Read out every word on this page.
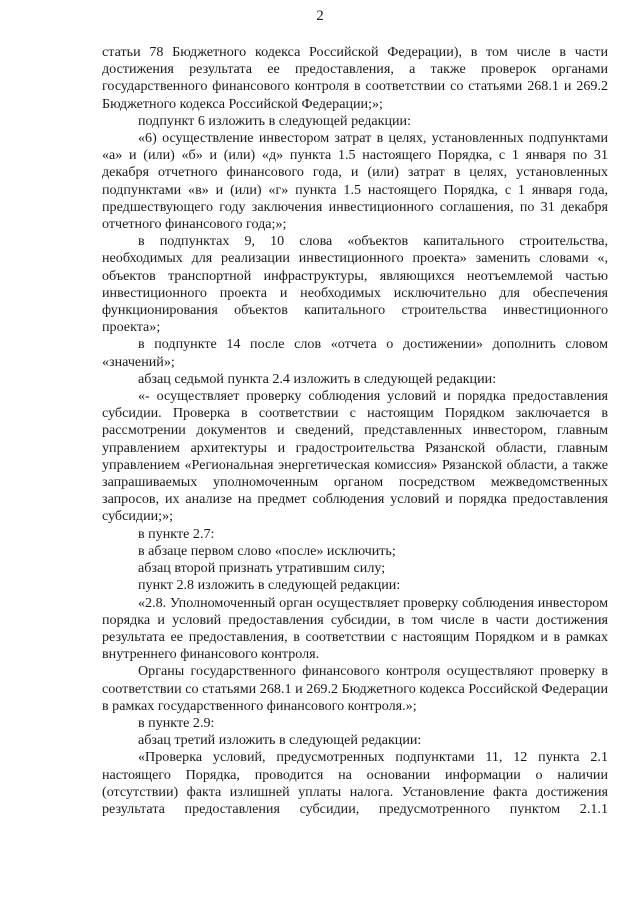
2

статьи 78 Бюджетного кодекса Российской Федерации), в том числе в части достижения результата ее предоставления, а также проверок органами государственного финансового контроля в соответствии со статьями 268.1 и 269.2 Бюджетного кодекса Российской Федерации;»;

подпункт 6 изложить в следующей редакции:

«6) осуществление инвестором затрат в целях, установленных подпунктами «а» и (или) «б» и (или) «д» пункта 1.5 настоящего Порядка, с 1 января по 31 декабря отчетного финансового года, и (или) затрат в целях, установленных подпунктами «в» и (или) «г» пункта 1.5 настоящего Порядка, с 1 января года, предшествующего году заключения инвестиционного соглашения, по 31 декабря отчетного финансового года;»;

в подпунктах 9, 10 слова «объектов капитального строительства, необходимых для реализации инвестиционного проекта» заменить словами «, объектов транспортной инфраструктуры, являющихся неотъемлемой частью инвестиционного проекта и необходимых исключительно для обеспечения функционирования объектов капитального строительства инвестиционного проекта»;

в подпункте 14 после слов «отчета о достижении» дополнить словом «значений»;

абзац седьмой пункта 2.4 изложить в следующей редакции:

«- осуществляет проверку соблюдения условий и порядка предоставления субсидии. Проверка в соответствии с настоящим Порядком заключается в рассмотрении документов и сведений, представленных инвестором, главным управлением архитектуры и градостроительства Рязанской области, главным управлением «Региональная энергетическая комиссия» Рязанской области, а также запрашиваемых уполномоченным органом посредством межведомственных запросов, их анализе на предмет соблюдения условий и порядка предоставления субсидии;»;

в пункте 2.7:

в абзаце первом слово «после» исключить;

абзац второй признать утратившим силу;

пункт 2.8 изложить в следующей редакции:

«2.8. Уполномоченный орган осуществляет проверку соблюдения инвестором порядка и условий предоставления субсидии, в том числе в части достижения результата ее предоставления, в соответствии с настоящим Порядком и в рамках внутреннего финансового контроля.

Органы государственного финансового контроля осуществляют проверку в соответствии со статьями 268.1 и 269.2 Бюджетного кодекса Российской Федерации в рамках государственного финансового контроля.»;

в пункте 2.9:

абзац третий изложить в следующей редакции:

«Проверка условий, предусмотренных подпунктами 11, 12 пункта 2.1 настоящего Порядка, проводится на основании информации о наличии (отсутствии) факта излишней уплаты налога. Установление факта достижения результата предоставления субсидии, предусмотренного пунктом 2.1.1
